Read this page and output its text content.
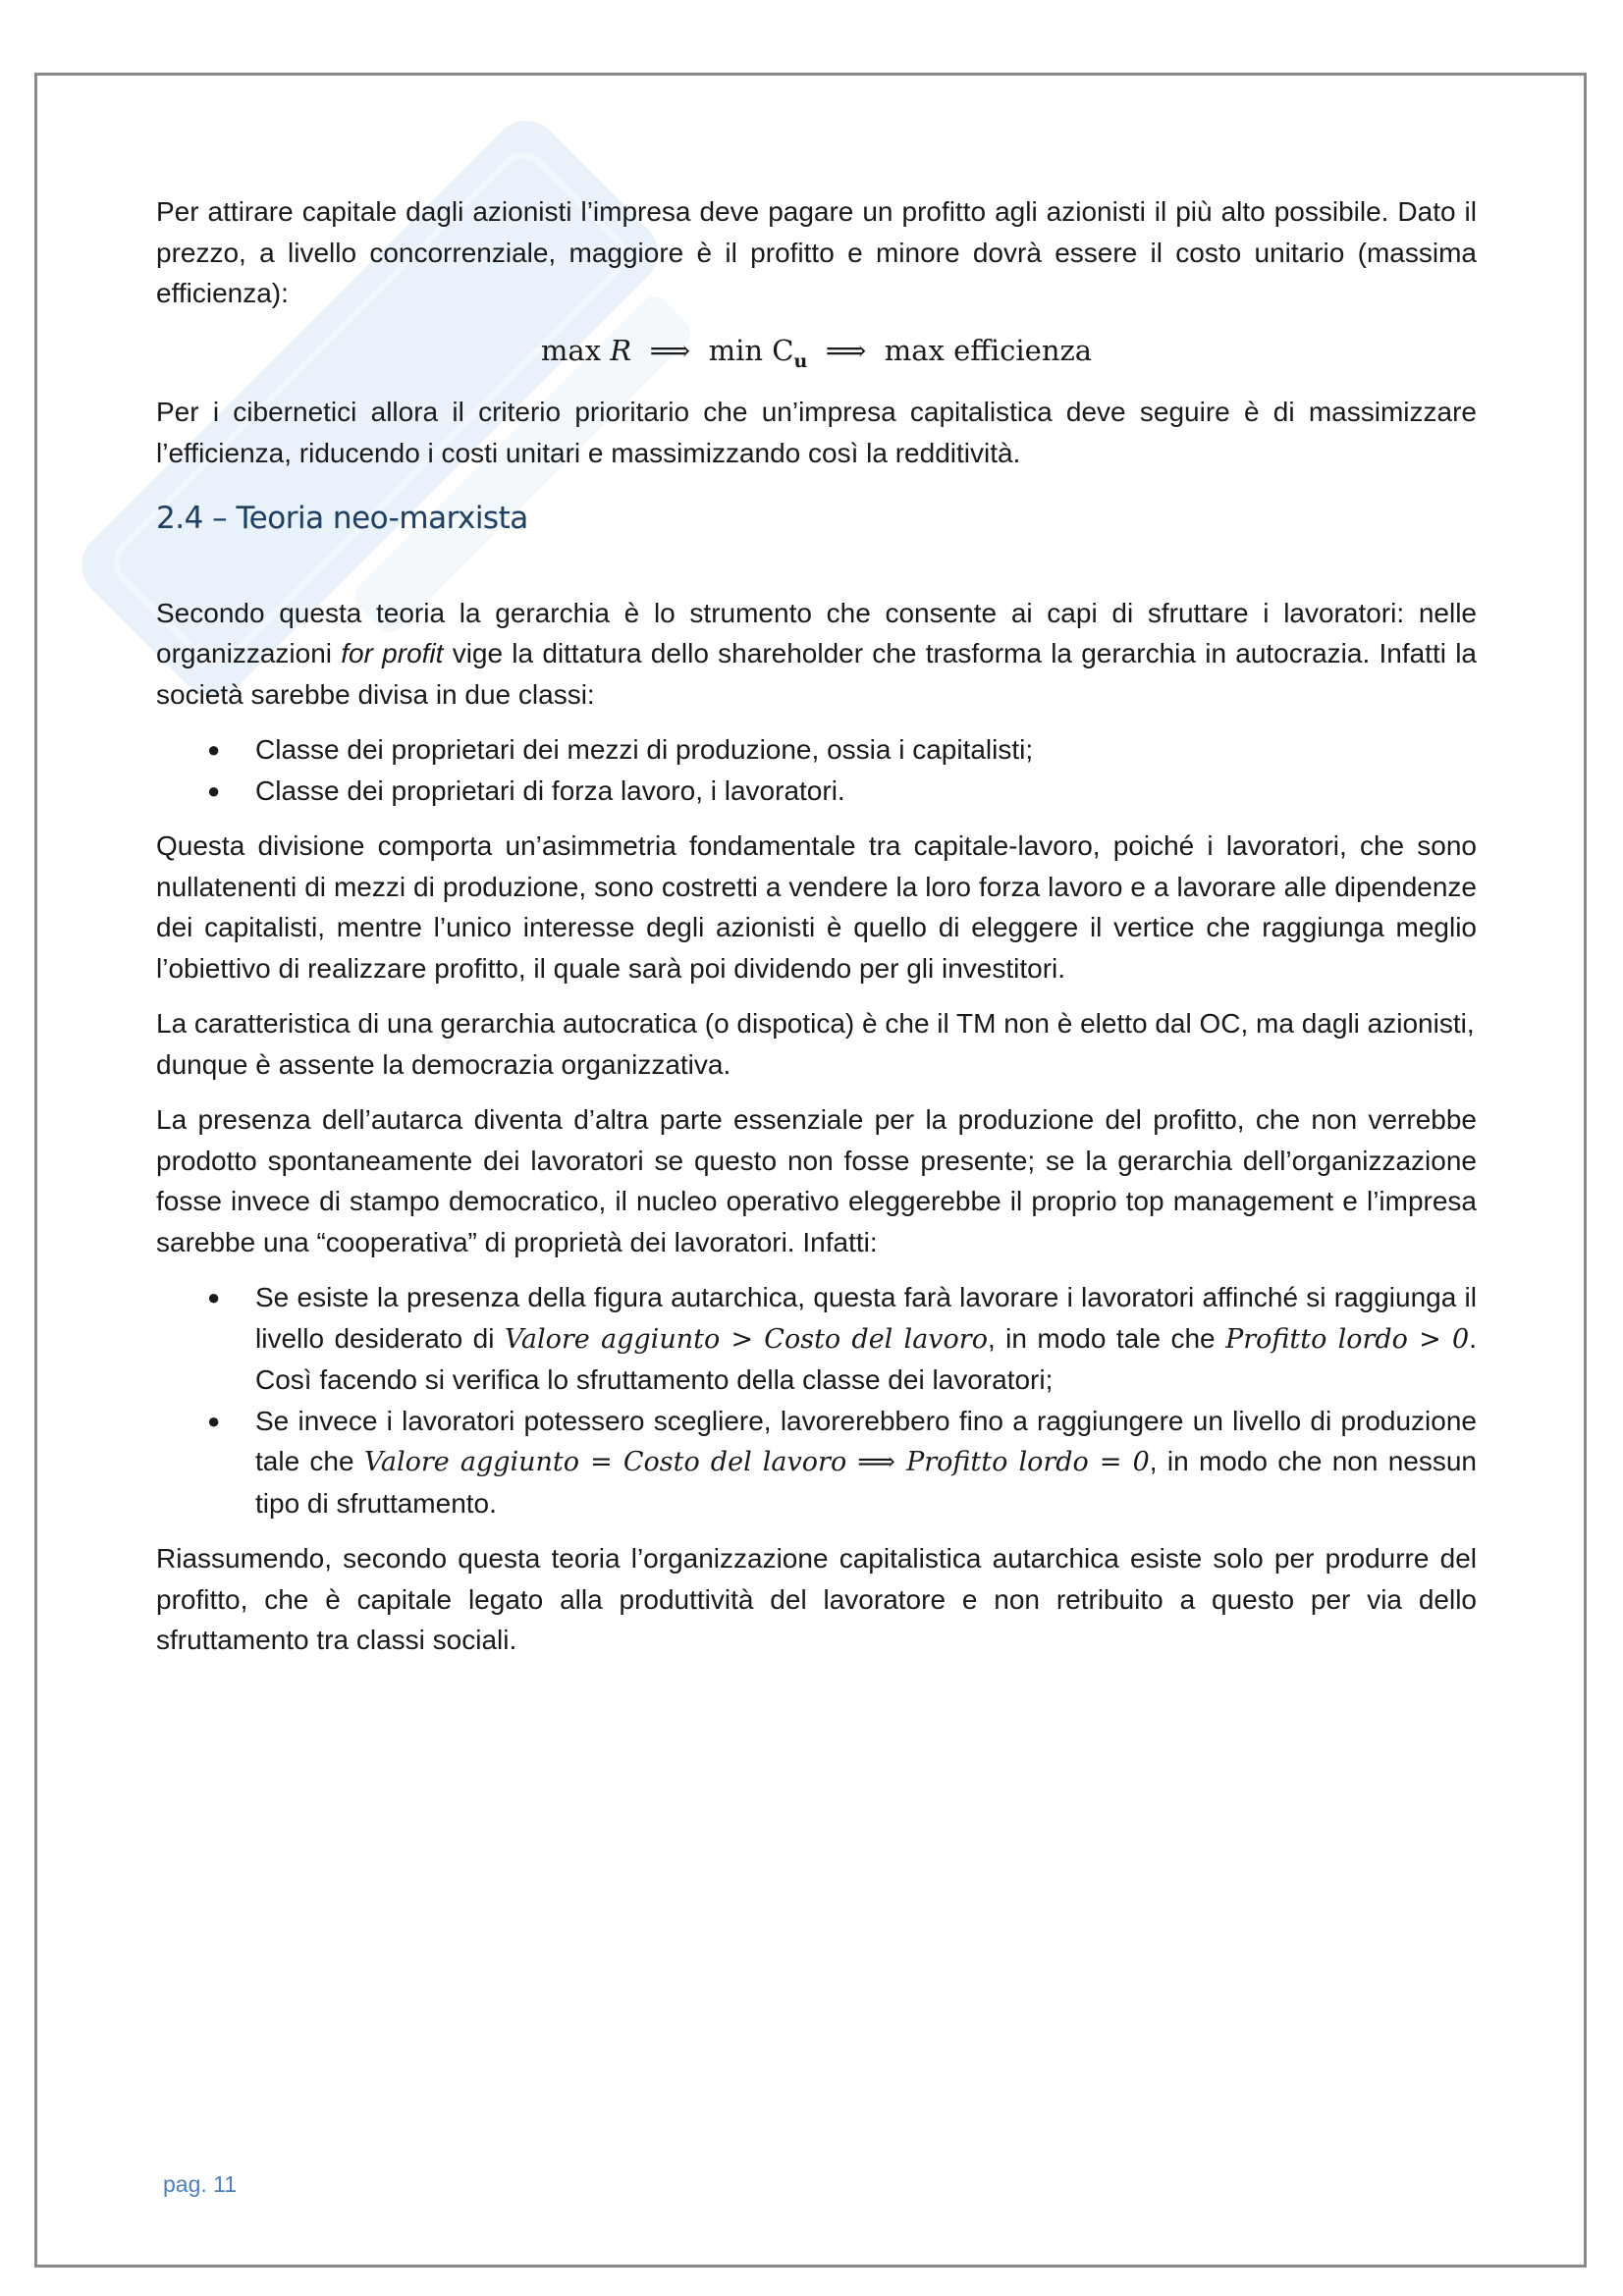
Per attirare capitale dagli azionisti l’impresa deve pagare un profitto agli azionisti il più alto possibile. Dato il prezzo, a livello concorrenziale, maggiore è il profitto e minore dovrà essere il costo unitario (massima efficienza):

max R ⟹ $\min C_u$ ⟹ max efficienza

Per i cibernetici allora il criterio prioritario che un’impresa capitalistica deve seguire è di massimizzare l’efficienza, riducendo i costi unitari e massimizzando così la redditività.

2.4 – Teoria neo-marxista

Secondo questa teoria la gerarchia è lo strumento che consente ai capi di sfruttare i lavoratori: nelle organizzazioni for profit vige la dittatura dello shareholder che trasforma la gerarchia in autocrazia. Infatti la società sarebbe divisa in due classi:

● Classe dei proprietari dei mezzi di produzione, ossia i capitalisti;
● Classe dei proprietari di forza lavoro, i lavoratori.

Questa divisione comporta un’asimmetria fondamentale tra capitale-lavoro, poiché i lavoratori, che sono nullatenenti di mezzi di produzione, sono costretti a vendere la loro forza lavoro e a lavorare alle dipendenze dei capitalisti, mentre l’unico interesse degli azionisti è quello di eleggere il vertice che raggiunga meglio l’obiettivo di realizzare profitto, il quale sarà poi dividendo per gli investitori.

La caratteristica di una gerarchia autocratica (o dispotica) è che il TM non è eletto dal OC, ma dagli azionisti, dunque è assente la democrazia organizzativa.

La presenza dell’autarca diventa d’altra parte essenziale per la produzione del profitto, che non verrebbe prodotto spontaneamente dei lavoratori se questo non fosse presente; se la gerarchia dell’organizzazione fosse invece di stampo democratico, il nucleo operativo eleggerebbe il proprio top management e l’impresa sarebbe una “cooperativa” di proprietà dei lavoratori. Infatti:

● Se esiste la presenza della figura autarchica, questa farà lavorare i lavoratori affinché si raggiunga il livello desiderato di Valore aggiunto > Costo del lavoro, in modo tale che Profitto lordo > 0. Così facendo si verifica lo sfruttamento della classe dei lavoratori;
● Se invece i lavoratori potessero scegliere, lavorerebbero fino a raggiungere un livello di produzione tale che Valore aggiunto = Costo del lavoro ⟹ Profitto lordo = 0, in modo che non nessun tipo di sfruttamento.

Riassumendo, secondo questa teoria l’organizzazione capitalistica autarchica esiste solo per produrre del profitto, che è capitale legato alla produttività del lavoratore e non retribuito a questo per via dello sfruttamento tra classi sociali.

pag. 11
